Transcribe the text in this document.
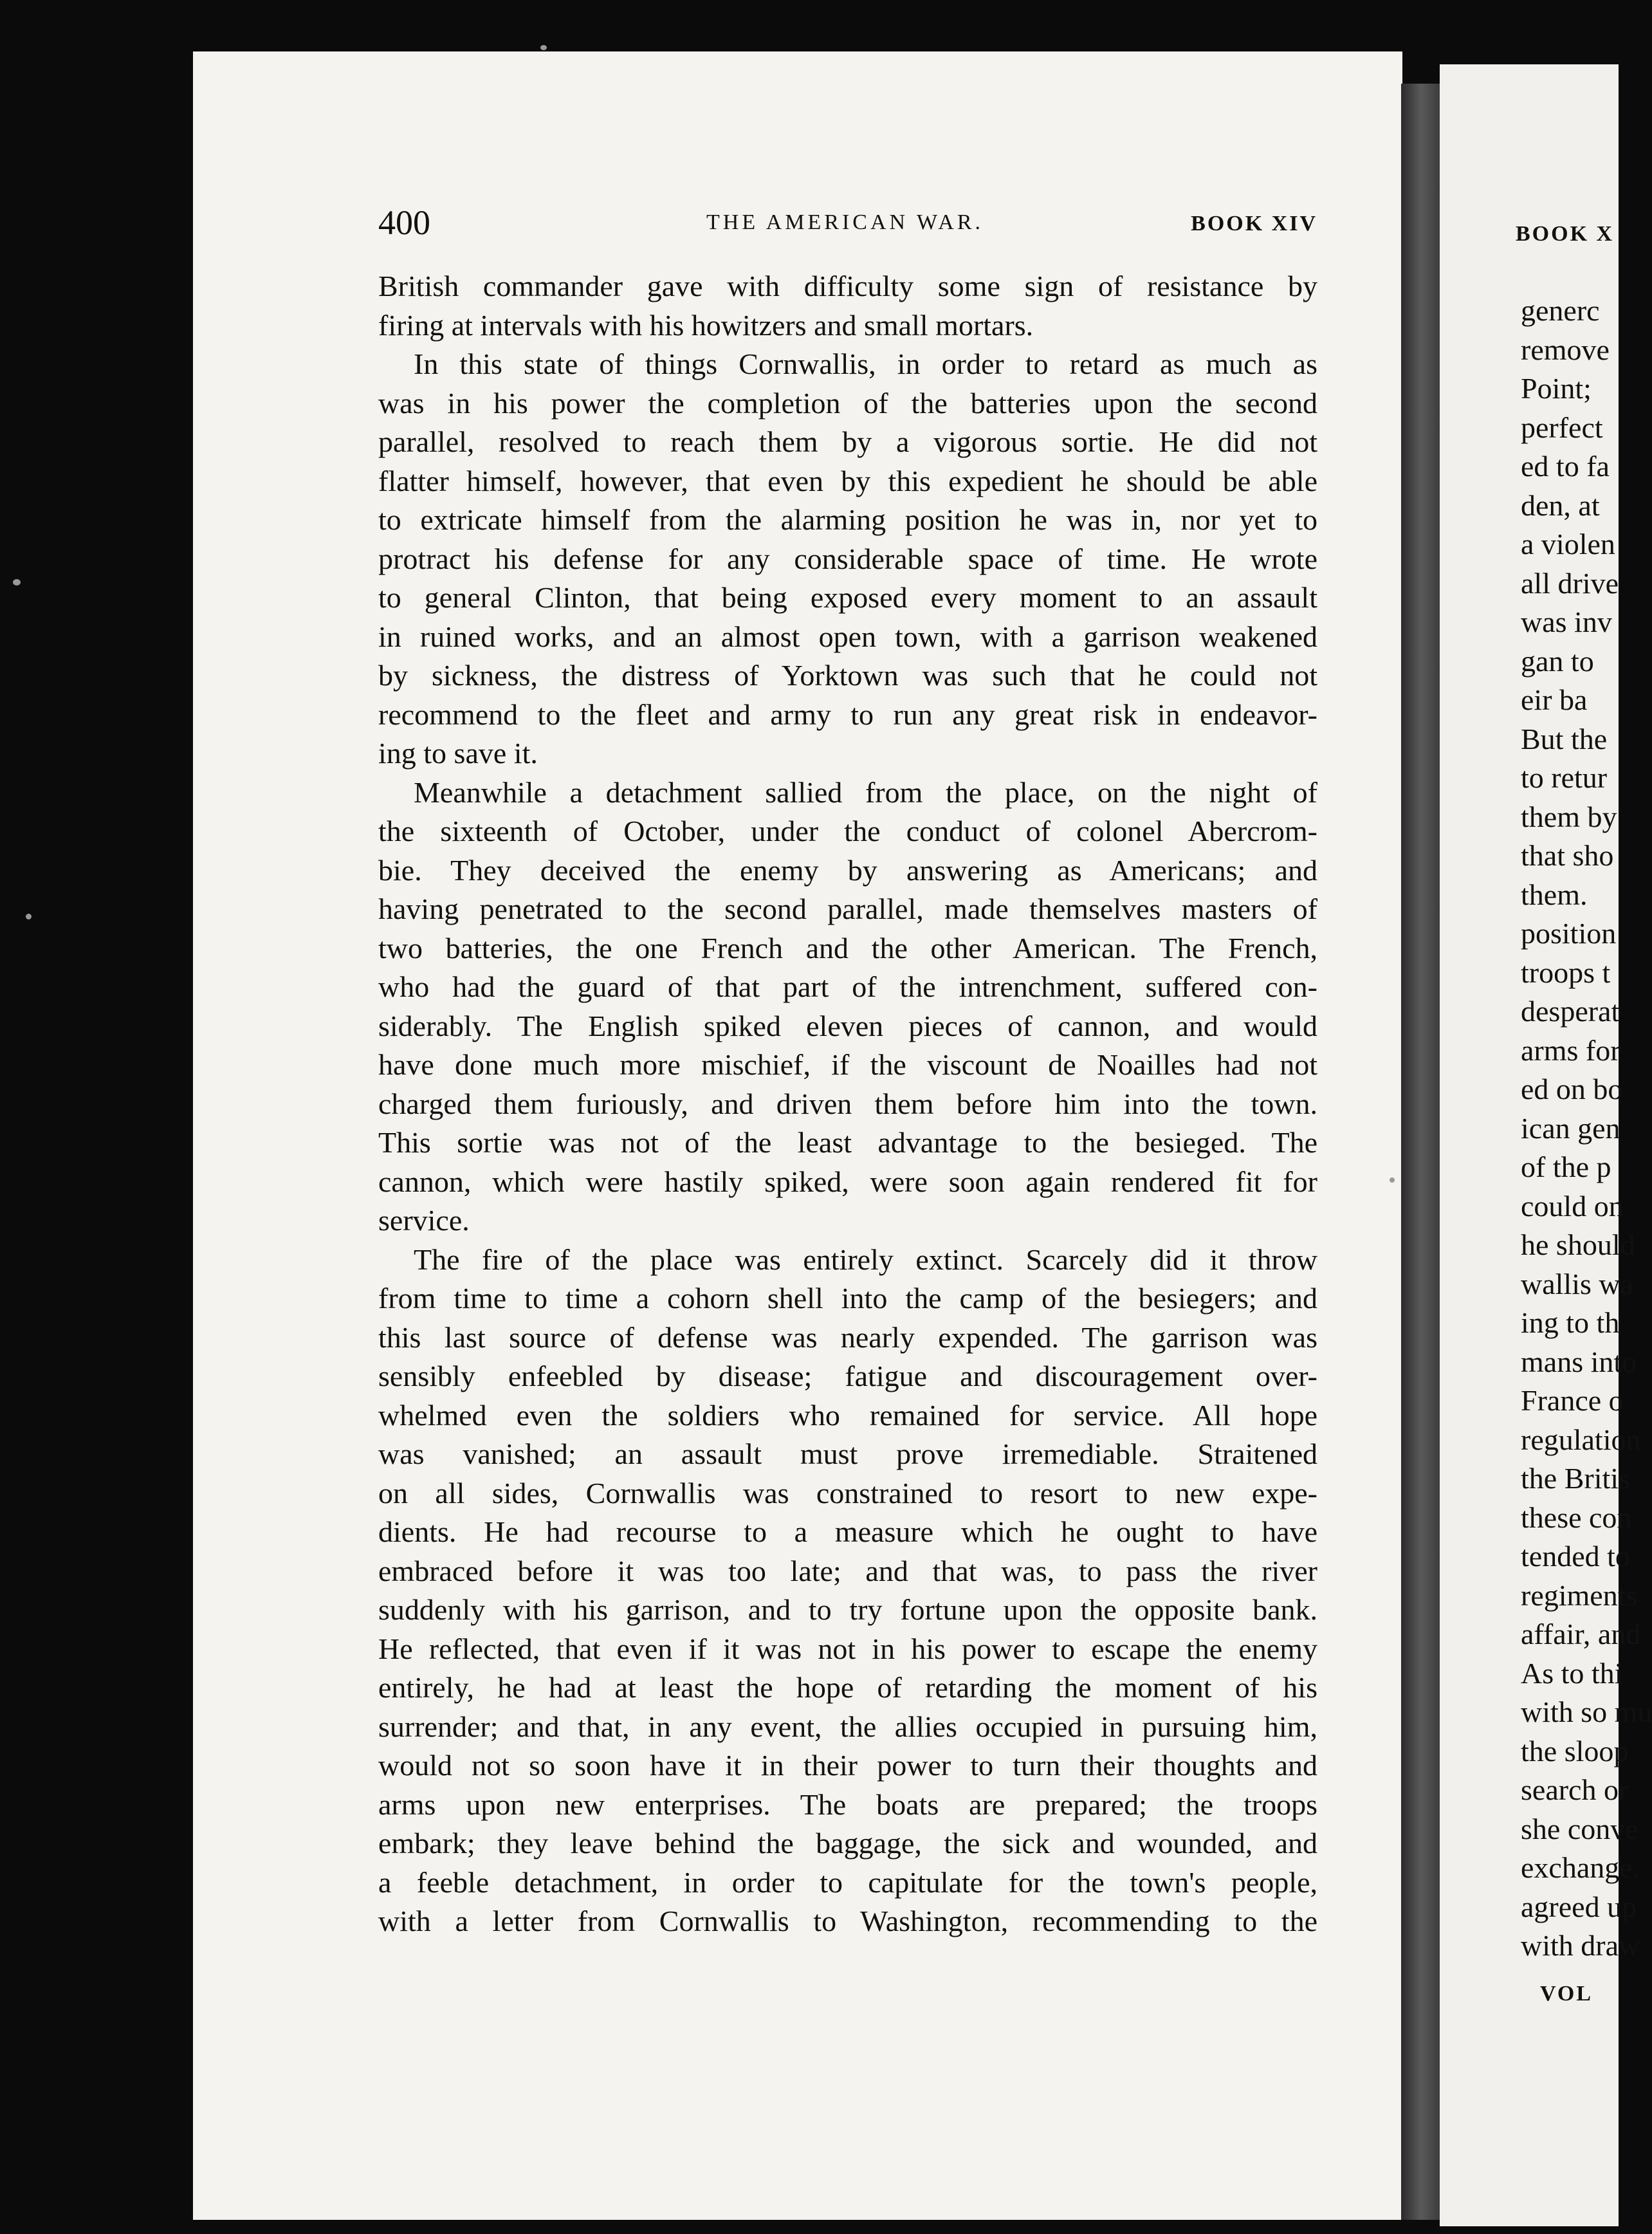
400	THE AMERICAN WAR.	BOOK XIV
British commander gave with difficulty some sign of resistance by
firing at intervals with his howitzers and small mortars.
In this state of things Cornwallis, in order to retard as much as
was in his power the completion of the batteries upon the second
parallel, resolved to reach them by a vigorous sortie. He did not
flatter himself, however, that even by this expedient he should be able
to extricate himself from the alarming position he was in, nor yet to
protract his defense for any considerable space of time. He wrote
to general Clinton, that being exposed every moment to an assault
in ruined works, and an almost open town, with a garrison weakened
by sickness, the distress of Yorktown was such that he could not
recommend to the fleet and army to run any great risk in endeavor-
ing to save it.
Meanwhile a detachment sallied from the place, on the night of
the sixteenth of October, under the conduct of colonel Abercrom-
bie. They deceived the enemy by answering as Americans; and
having penetrated to the second parallel, made themselves masters of
two batteries, the one French and the other American. The French,
who had the guard of that part of the intrenchment, suffered con-
siderably. The English spiked eleven pieces of cannon, and would
have done much more mischief, if the viscount de Noailles had not
charged them furiously, and driven them before him into the town.
This sortie was not of the least advantage to the besieged. The
cannon, which were hastily spiked, were soon again rendered fit for
service.
The fire of the place was entirely extinct. Scarcely did it throw
from time to time a cohorn shell into the camp of the besiegers; and
this last source of defense was nearly expended. The garrison was
sensibly enfeebled by disease; fatigue and discouragement over-
whelmed even the soldiers who remained for service. All hope
was vanished; an assault must prove irremediable. Straitened
on all sides, Cornwallis was constrained to resort to new expe-
dients. He had recourse to a measure which he ought to have
embraced before it was too late; and that was, to pass the river
suddenly with his garrison, and to try fortune upon the opposite bank.
He reflected, that even if it was not in his power to escape the enemy
entirely, he had at least the hope of retarding the moment of his
surrender; and that, in any event, the allies occupied in pursuing him,
would not so soon have it in their power to turn their thoughts and
arms upon new enterprises. The boats are prepared; the troops
embark; they leave behind the baggage, the sick and wounded, and
a feeble detachment, in order to capitulate for the town's people,
with a letter from Cornwallis to Washington, recommending to the
BOOK X
generc
remove
Point;
perfect
ed to fa
den, at
a violen
all drive
was inv
gan to
eir ba
But the
to retur
them by
that sho
them.
position
troops t
desperat
arms for
ed on bo
ican gen
of the p
could on
he should
wallis wa
ing to th
mans into
France o
regulation
the Britis
these con
tended to
regiments
affair, and
As to thi
with so mu
the sloop
search or
she conve
exchange.
agreed up
with draw
VOL
